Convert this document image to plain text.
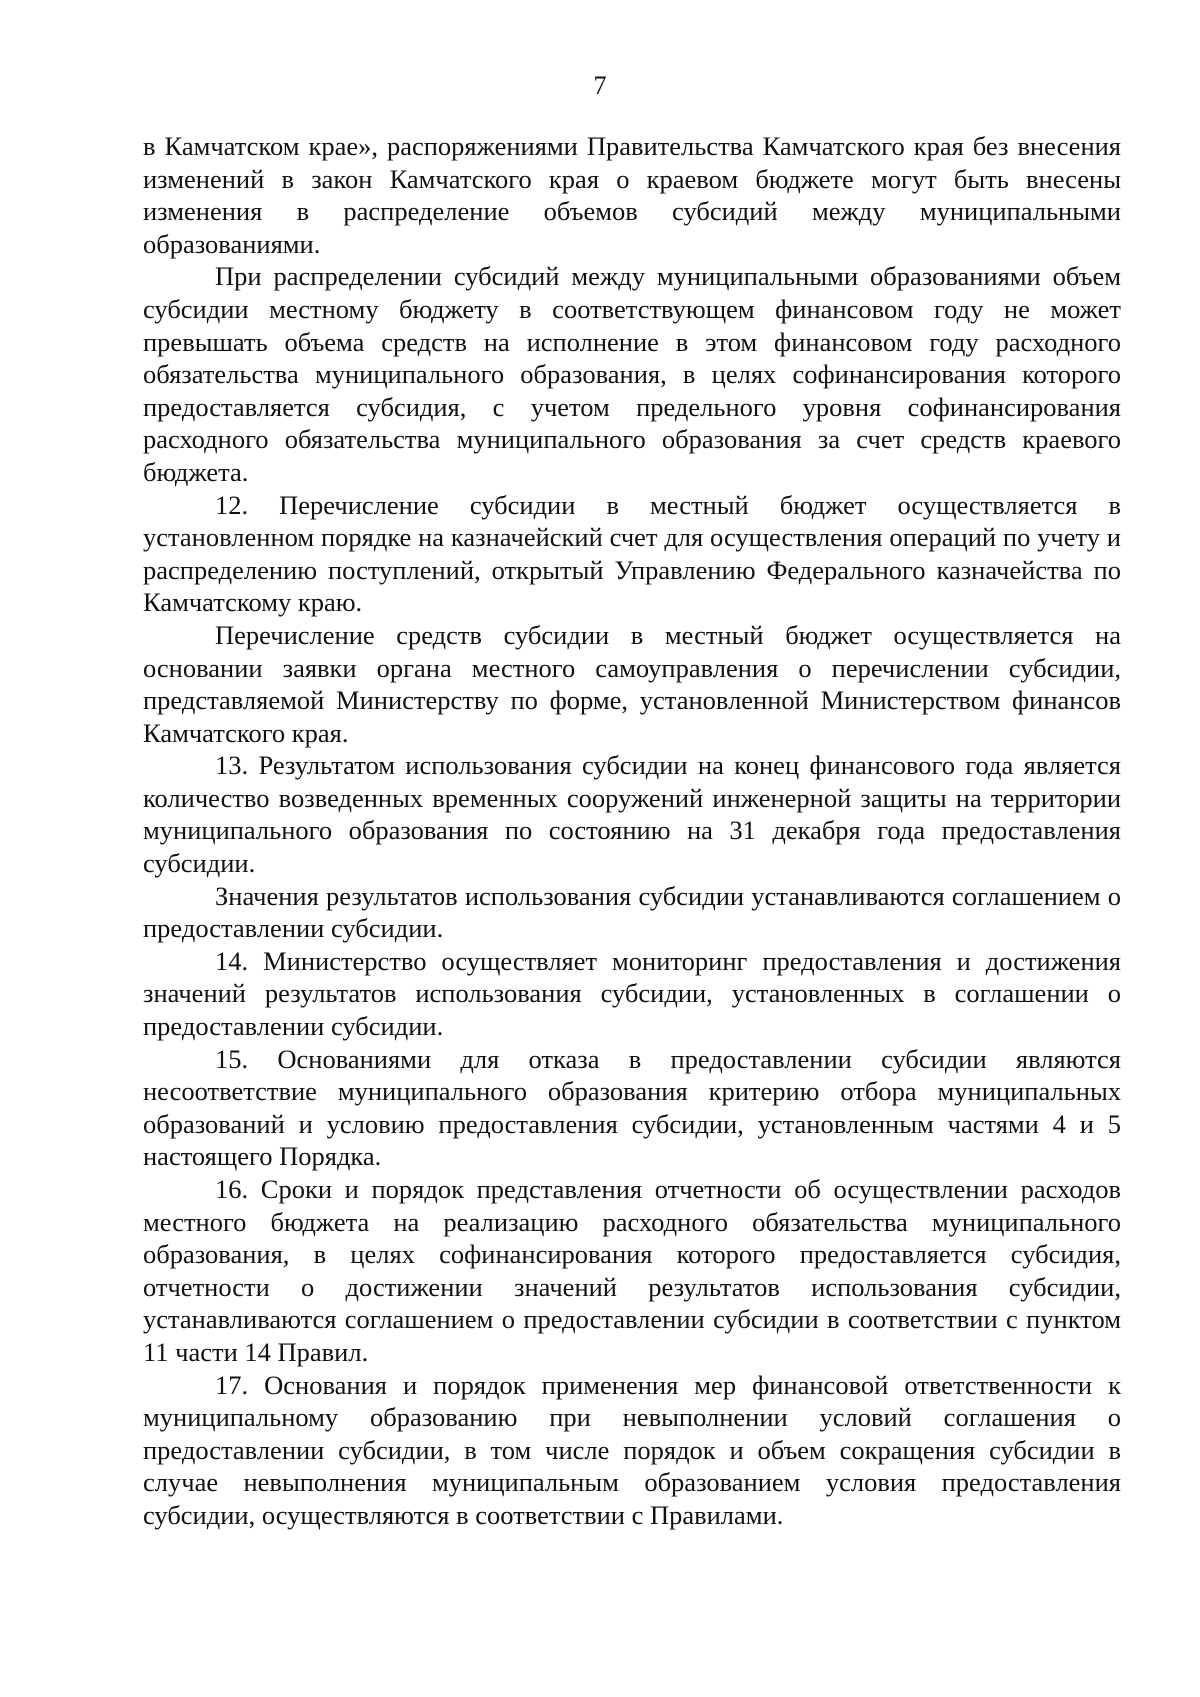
7

в Камчатском крае», распоряжениями Правительства Камчатского края без внесения изменений в закон Камчатского края о краевом бюджете могут быть внесены изменения в распределение объемов субсидий между муниципальными образованиями.

При распределении субсидий между муниципальными образованиями объем субсидии местному бюджету в соответствующем финансовом году не может превышать объема средств на исполнение в этом финансовом году расходного обязательства муниципального образования, в целях софинансирования которого предоставляется субсидия, с учетом предельного уровня софинансирования расходного обязательства муниципального образования за счет средств краевого бюджета.

12. Перечисление субсидии в местный бюджет осуществляется в установленном порядке на казначейский счет для осуществления операций по учету и распределению поступлений, открытый Управлению Федерального казначейства по Камчатскому краю.

Перечисление средств субсидии в местный бюджет осуществляется на основании заявки органа местного самоуправления о перечислении субсидии, представляемой Министерству по форме, установленной Министерством финансов Камчатского края.

13. Результатом использования субсидии на конец финансового года является количество возведенных временных сооружений инженерной защиты на территории муниципального образования по состоянию на 31 декабря года предоставления субсидии.

Значения результатов использования субсидии устанавливаются соглашением о предоставлении субсидии.

14. Министерство осуществляет мониторинг предоставления и достижения значений результатов использования субсидии, установленных в соглашении о предоставлении субсидии.

15. Основаниями для отказа в предоставлении субсидии являются несоответствие муниципального образования критерию отбора муниципальных образований и условию предоставления субсидии, установленным частями 4 и 5 настоящего Порядка.

16. Сроки и порядок представления отчетности об осуществлении расходов местного бюджета на реализацию расходного обязательства муниципального образования, в целях софинансирования которого предоставляется субсидия, отчетности о достижении значений результатов использования субсидии, устанавливаются соглашением о предоставлении субсидии в соответствии с пунктом 11 части 14 Правил.

17. Основания и порядок применения мер финансовой ответственности к муниципальному образованию при невыполнении условий соглашения о предоставлении субсидии, в том числе порядок и объем сокращения субсидии в случае невыполнения муниципальным образованием условия предоставления субсидии, осуществляются в соответствии с Правилами.
